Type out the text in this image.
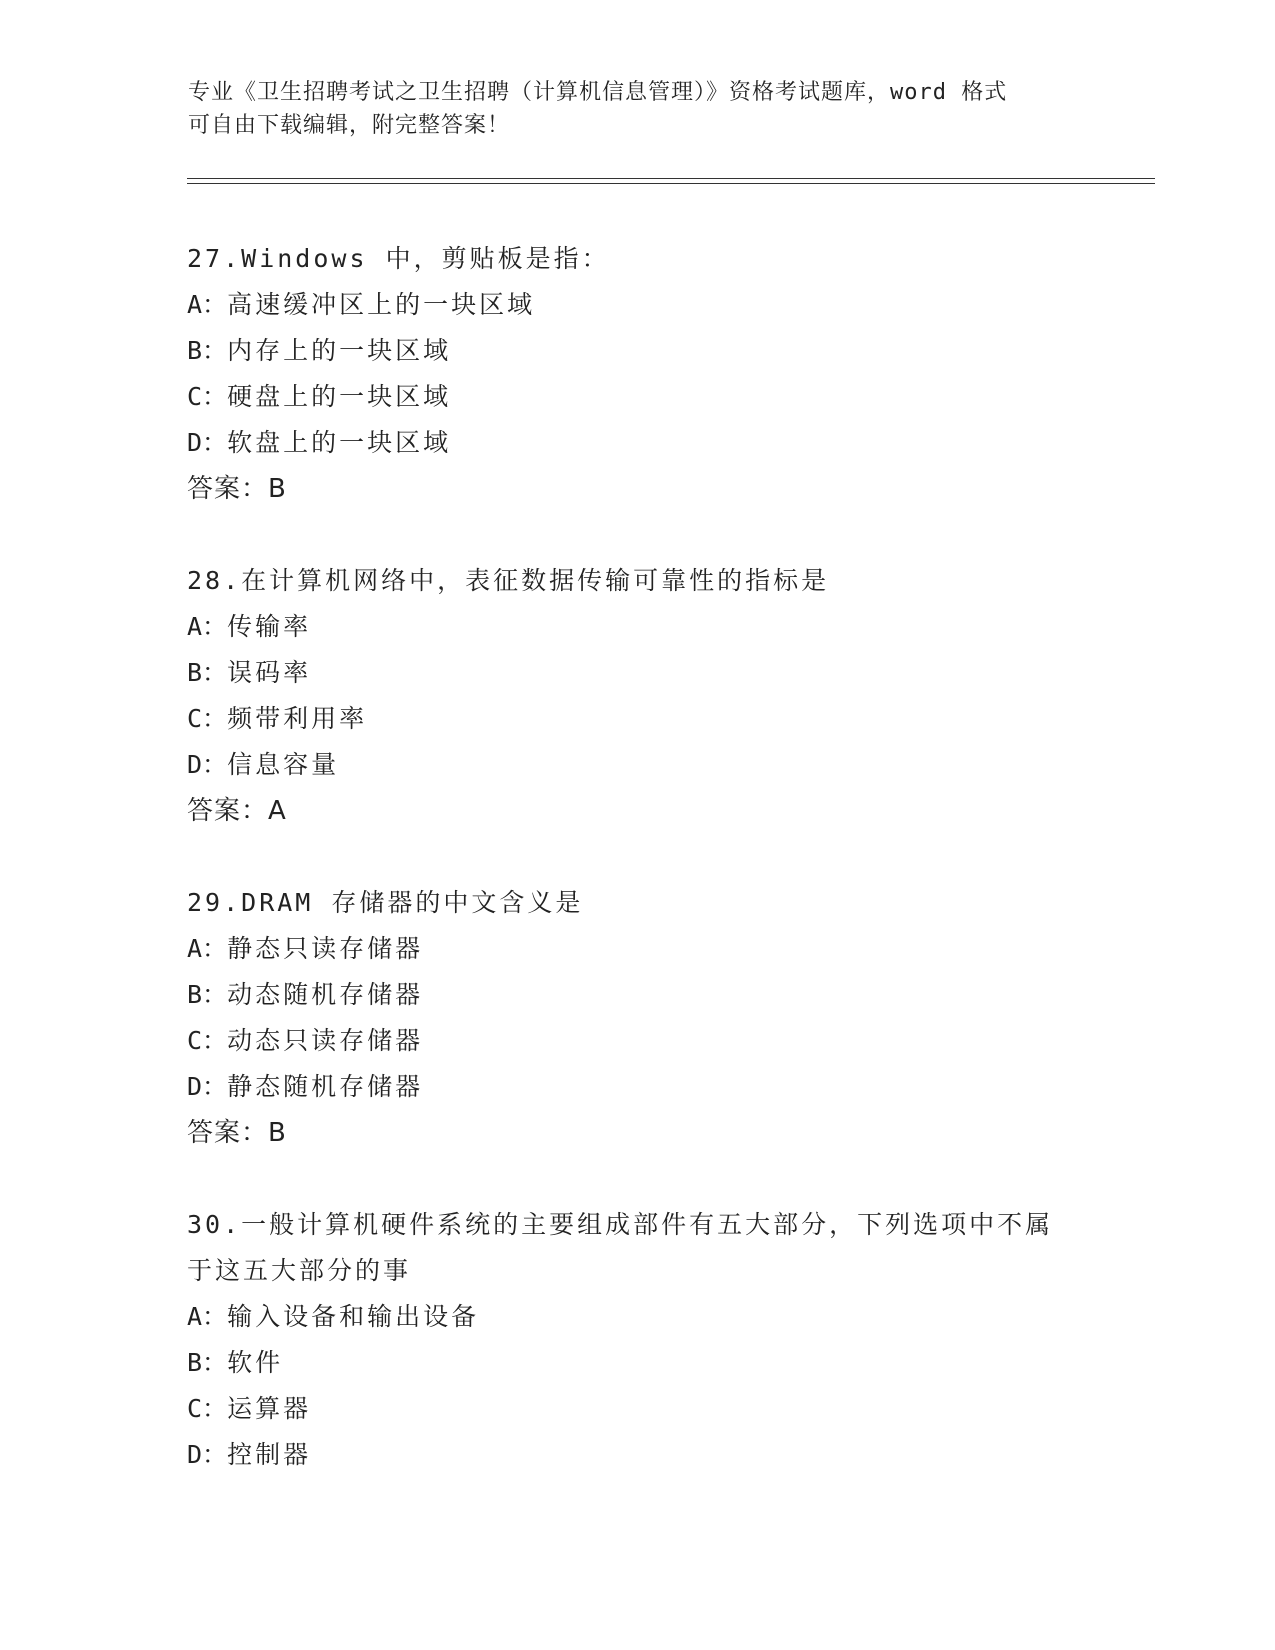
专业《卫生招聘考试之卫生招聘（计算机信息管理）》资格考试题库，word 格式
可自由下载编辑，附完整答案！
27.Windows 中，剪贴板是指：
A：高速缓冲区上的一块区域
B：内存上的一块区域
C：硬盘上的一块区域
D：软盘上的一块区域
答案：B
28.在计算机网络中，表征数据传输可靠性的指标是
A：传输率
B：误码率
C：频带利用率
D：信息容量
答案：A
29.DRAM 存储器的中文含义是
A：静态只读存储器
B：动态随机存储器
C：动态只读存储器
D：静态随机存储器
答案：B
30.一般计算机硬件系统的主要组成部件有五大部分，下列选项中不属
于这五大部分的事
A：输入设备和输出设备
B：软件
C：运算器
D：控制器
